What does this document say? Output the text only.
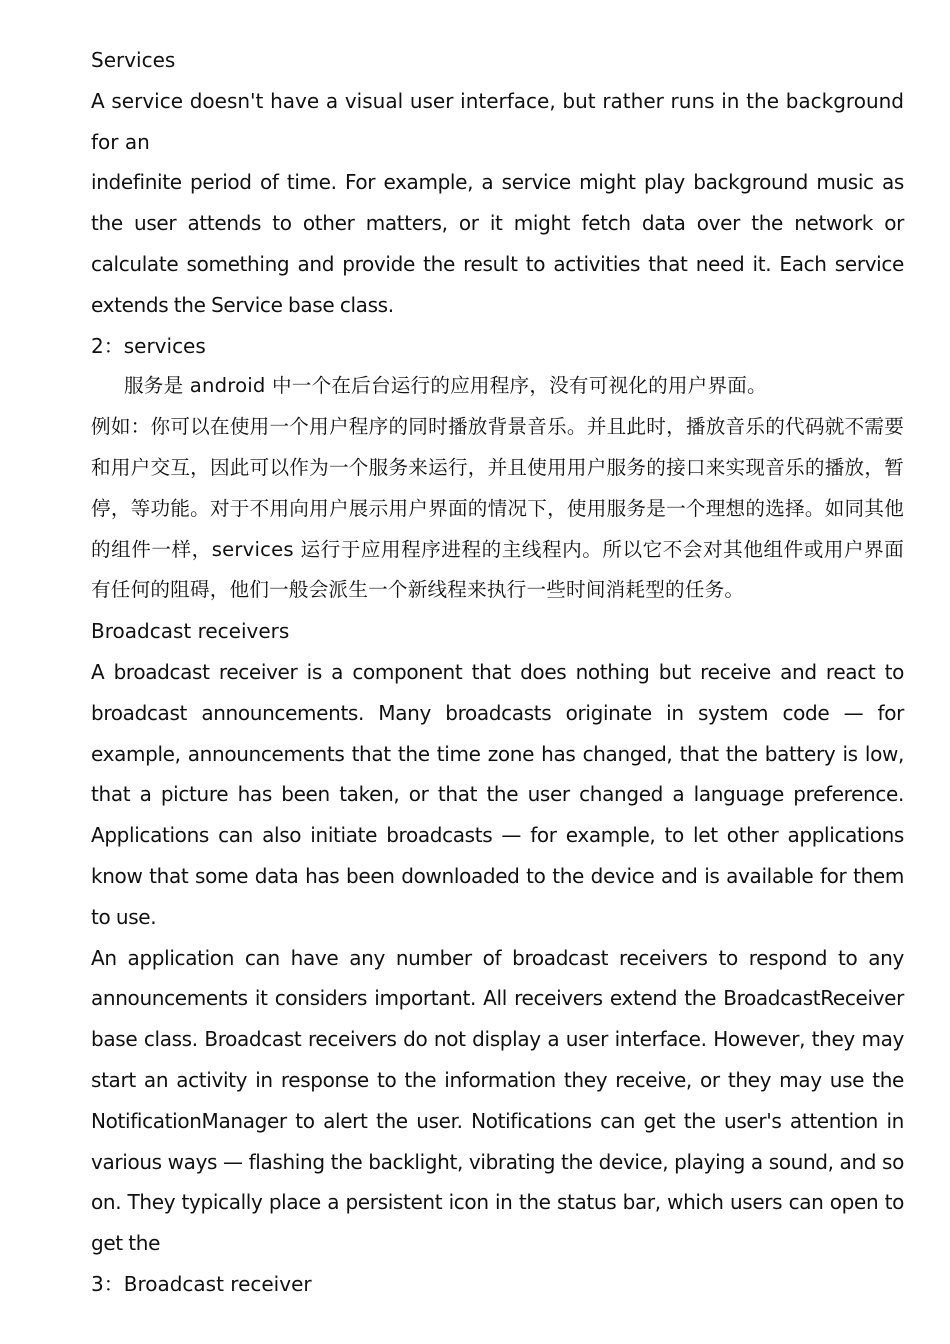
Services

A service doesn't have a visual user interface, but rather runs in the background for an

indefinite period of time. For example, a service might play background music as the user attends to other matters, or it might fetch data over the network or calculate something and provide the result to activities that need it. Each service extends the Service base class.

2：services

服务是 android 中一个在后台运行的应用程序，没有可视化的用户界面。

例如：你可以在使用一个用户程序的同时播放背景音乐。并且此时，播放音乐的代码就不需要和用户交互，因此可以作为一个服务来运行，并且使用用户服务的接口来实现音乐的播放，暂停，等功能。对于不用向用户展示用户界面的情况下，使用服务是一个理想的选择。如同其他的组件一样，services 运行于应用程序进程的主线程内。所以它不会对其他组件或用户界面有任何的阻碍，他们一般会派生一个新线程来执行一些时间消耗型的任务。

Broadcast receivers

A broadcast receiver is a component that does nothing but receive and react to broadcast announcements. Many broadcasts originate in system code — for example, announcements that the time zone has changed, that the battery is low, that a picture has been taken, or that the user changed a language preference. Applications can also initiate broadcasts — for example, to let other applications know that some data has been downloaded to the device and is available for them to use.

An application can have any number of broadcast receivers to respond to any announcements it considers important. All receivers extend the BroadcastReceiver base class. Broadcast receivers do not display a user interface. However, they may start an activity in response to the information they receive, or they may use the NotificationManager to alert the user. Notifications can get the user's attention in various ways — flashing the backlight, vibrating the device, playing a sound, and so on. They typically place a persistent icon in the status bar, which users can open to get the

3：Broadcast receiver
